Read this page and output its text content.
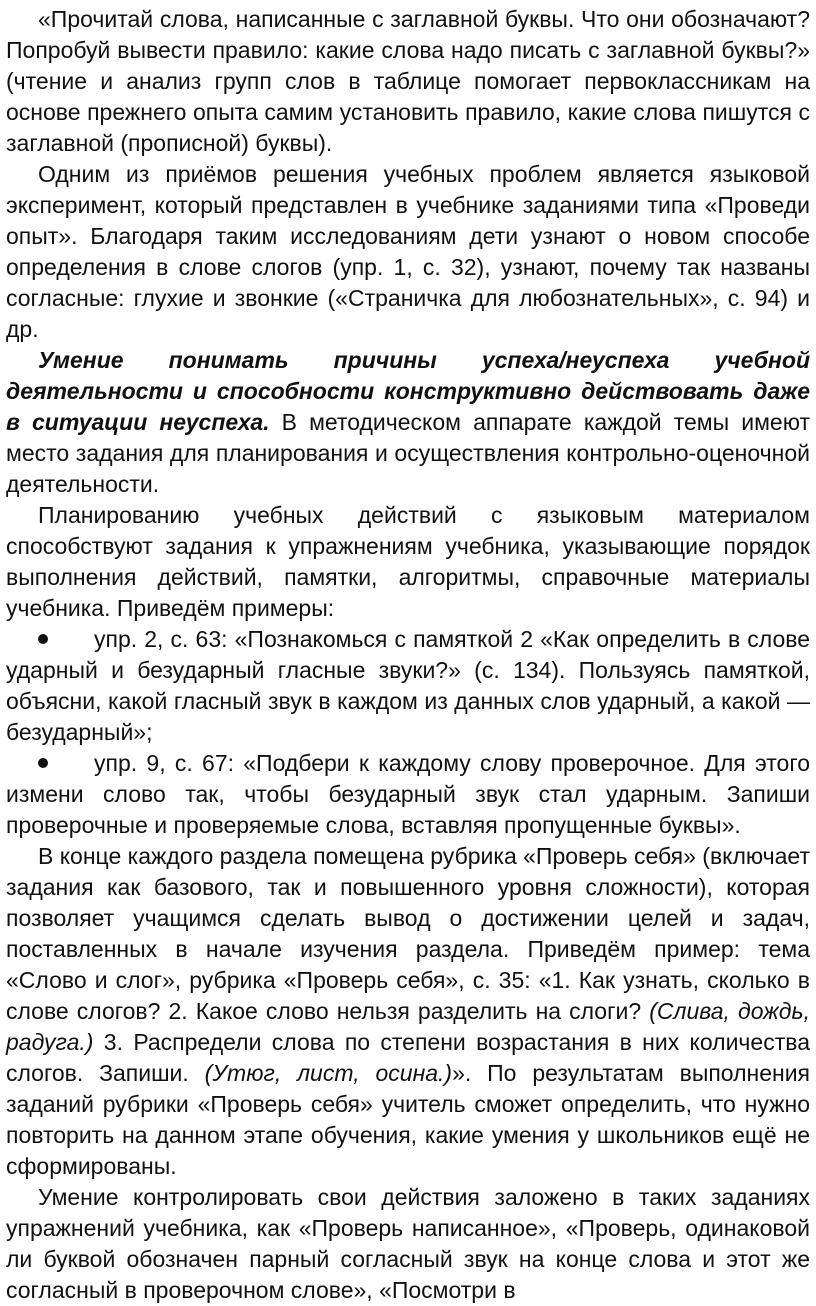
«Прочитай слова, написанные с заглавной буквы. Что они обозначают? Попробуй вывести правило: какие слова надо писать с заглавной буквы?» (чтение и анализ групп слов в таблице помогает первоклассникам на основе прежнего опыта самим установить правило, какие слова пишутся с заглавной (прописной) буквы).

Одним из приёмов решения учебных проблем является языковой эксперимент, который представлен в учебнике заданиями типа «Проведи опыт». Благодаря таким исследованиям дети узнают о новом способе определения в слове слогов (упр. 1, с. 32), узнают, почему так названы согласные: глухие и звонкие («Страничка для любознательных», с. 94) и др.

Умение понимать причины успеха/неуспеха учебной деятельности и способности конструктивно действовать даже в ситуации неуспеха. В методическом аппарате каждой темы имеют место задания для планирования и осуществления контрольно-оценочной деятельности.

Планированию учебных действий с языковым материалом способствуют задания к упражнениям учебника, указывающие порядок выполнения действий, памятки, алгоритмы, справочные материалы учебника. Приведём примеры:

упр. 2, с. 63: «Познакомься с памяткой 2 «Как определить в слове ударный и безударный гласные звуки?» (с. 134). Пользуясь памяткой, объясни, какой гласный звук в каждом из данных слов ударный, а какой — безударный»;

упр. 9, с. 67: «Подбери к каждому слову проверочное. Для этого измени слово так, чтобы безударный звук стал ударным. Запиши проверочные и проверяемые слова, вставляя пропущенные буквы».

В конце каждого раздела помещена рубрика «Проверь себя» (включает задания как базового, так и повышенного уровня сложности), которая позволяет учащимся сделать вывод о достижении целей и задач, поставленных в начале изучения раздела. Приведём пример: тема «Слово и слог», рубрика «Проверь себя», с. 35: «1. Как узнать, сколько в слове слогов? 2. Какое слово нельзя разделить на слоги? (Слива, дождь, радуга.) 3. Распредели слова по степени возрастания в них количества слогов. Запиши. (Утюг, лист, осина.)». По результатам выполнения заданий рубрики «Проверь себя» учитель сможет определить, что нужно повторить на данном этапе обучения, какие умения у школьников ещё не сформированы.

Умение контролировать свои действия заложено в таких заданиях упражнений учебника, как «Проверь написанное», «Проверь, одинаковой ли буквой обозначен парный согласный звук на конце слова и этот же согласный в проверочном слове», «Посмотри в
